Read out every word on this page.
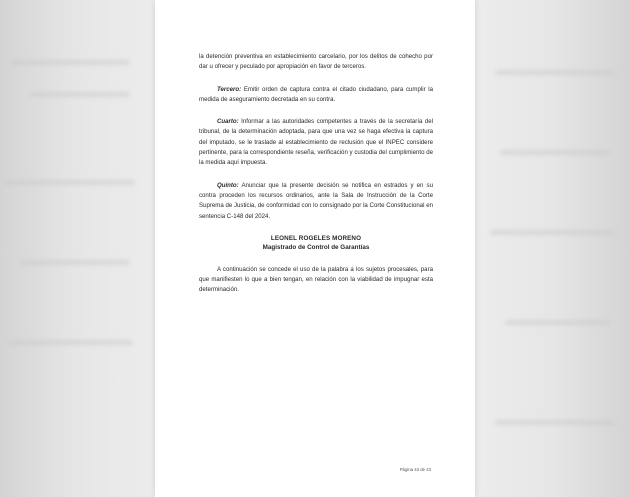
la detención preventiva en establecimiento carcelario, por los delitos de cohecho por dar u ofrecer y peculado por apropiación en favor de terceros.

Tercero: Emitir orden de captura contra el citado ciudadano, para cumplir la medida de aseguramiento decretada en su contra.

Cuarto: Informar a las autoridades competentes a través de la secretaría del tribunal, de la determinación adoptada, para que una vez se haga efectiva la captura del imputado, se le traslade al establecimiento de reclusión que el INPEC considere pertinente, para la correspondiente reseña, verificación y custodia del cumplimiento de la medida aquí impuesta.

Quinto: Anunciar que la presente decisión se notifica en estrados y en su contra proceden los recursos ordinarios, ante la Sala de Instrucción de la Corte Suprema de Justicia, de conformidad con lo consignado por la Corte Constitucional en sentencia C-148 del 2024.

LEONEL ROGELES MORENO
Magistrado de Control de Garantías

A continuación se concede el uso de la palabra a los sujetos procesales, para que manifiesten lo que a bien tengan, en relación con la viabilidad de impugnar esta determinación.

Página 43 de 43
